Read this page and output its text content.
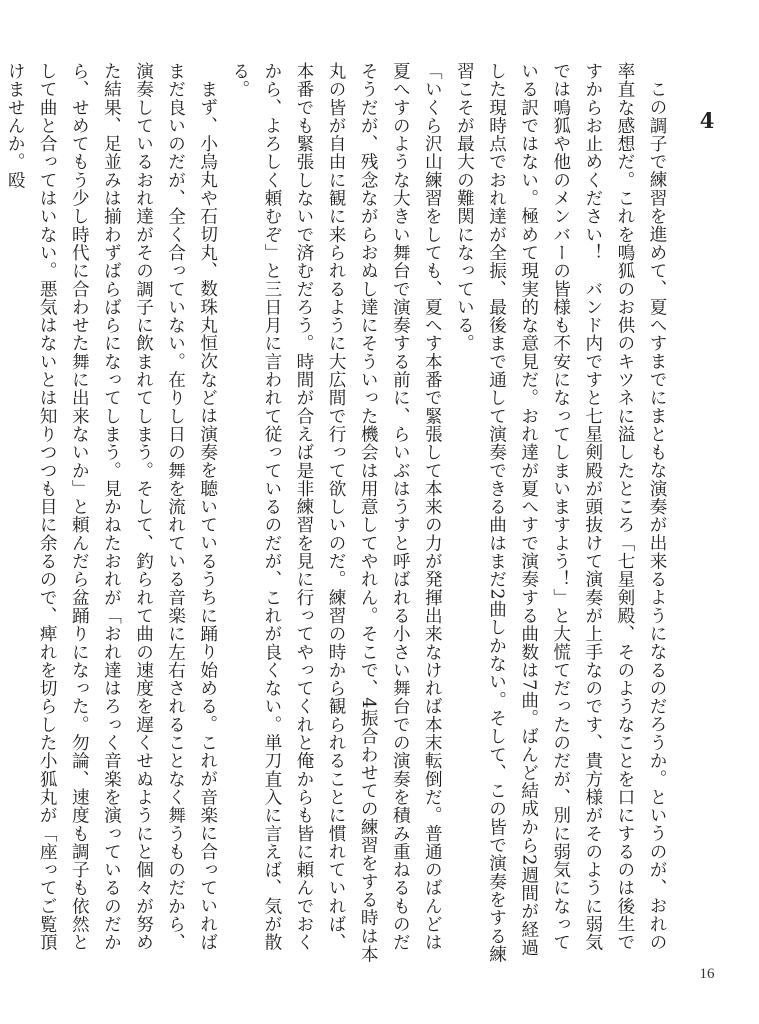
4

この調子で練習を進めて、夏へすまでにまともな演奏が出来るようになるのだろうか。というのが、おれの率直な感想だ。これを鳴狐のお供のキツネに溢したところ「七星剣殿、そのようなことを口にするのは後生ですからお止めください！　バンド内ですと七星剣殿が頭抜けて演奏が上手なのです、貴方様がそのように弱気では鳴狐や他のメンバーの皆様も不安になってしまいますよう！」と大慌てだったのだが、別に弱気になっている訳ではない。極めて現実的な意見だ。おれ達が夏へすで演奏する曲数は7曲。ばんど結成から2週間が経過した現時点でおれ達が全振、最後まで通して演奏できる曲はまだ2曲しかない。そして、この皆で演奏をする練習こそが最大の難関になっている。

「いくら沢山練習をしても、夏へす本番で緊張して本来の力が発揮出来なければ本末転倒だ。普通のばんどは夏へすのような大きい舞台で演奏する前に、らいぶはうすと呼ばれる小さい舞台での演奏を積み重ねるものだそうだが、残念ながらおぬし達にそういった機会は用意してやれん。そこで、4振合わせての練習をする時は本丸の皆が自由に観に来られるように大広間で行って欲しいのだ。練習の時から観られることに慣れていれば、本番でも緊張しないで済むだろう。時間が合えば是非練習を見に行ってやってくれと俺からも皆に頼んでおくから、よろしく頼むぞ」と三日月に言われて従っているのだが、これが良くない。単刀直入に言えば、気が散る。

まず、小烏丸や石切丸、数珠丸恒次などは演奏を聴いているうちに踊り始める。これが音楽に合っていればまだ良いのだが、全く合っていない。在りし日の舞を流れている音楽に左右されることなく舞うものだから、演奏しているおれ達がその調子に飲まれてしまう。そして、釣られて曲の速度を遅くせぬようにと個々が努めた結果、足並みは揃わずばらばらになってしまう。見かねたおれが「おれ達はろっく音楽を演っているのだから、せめてもう少し時代に合わせた舞に出来ないか」と頼んだら盆踊りになった。勿論、速度も調子も依然として曲と合ってはいない。悪気はないとは知りつつも目に余るので、痺れを切らした小狐丸が「座ってご覧頂けませんか。殴

16
